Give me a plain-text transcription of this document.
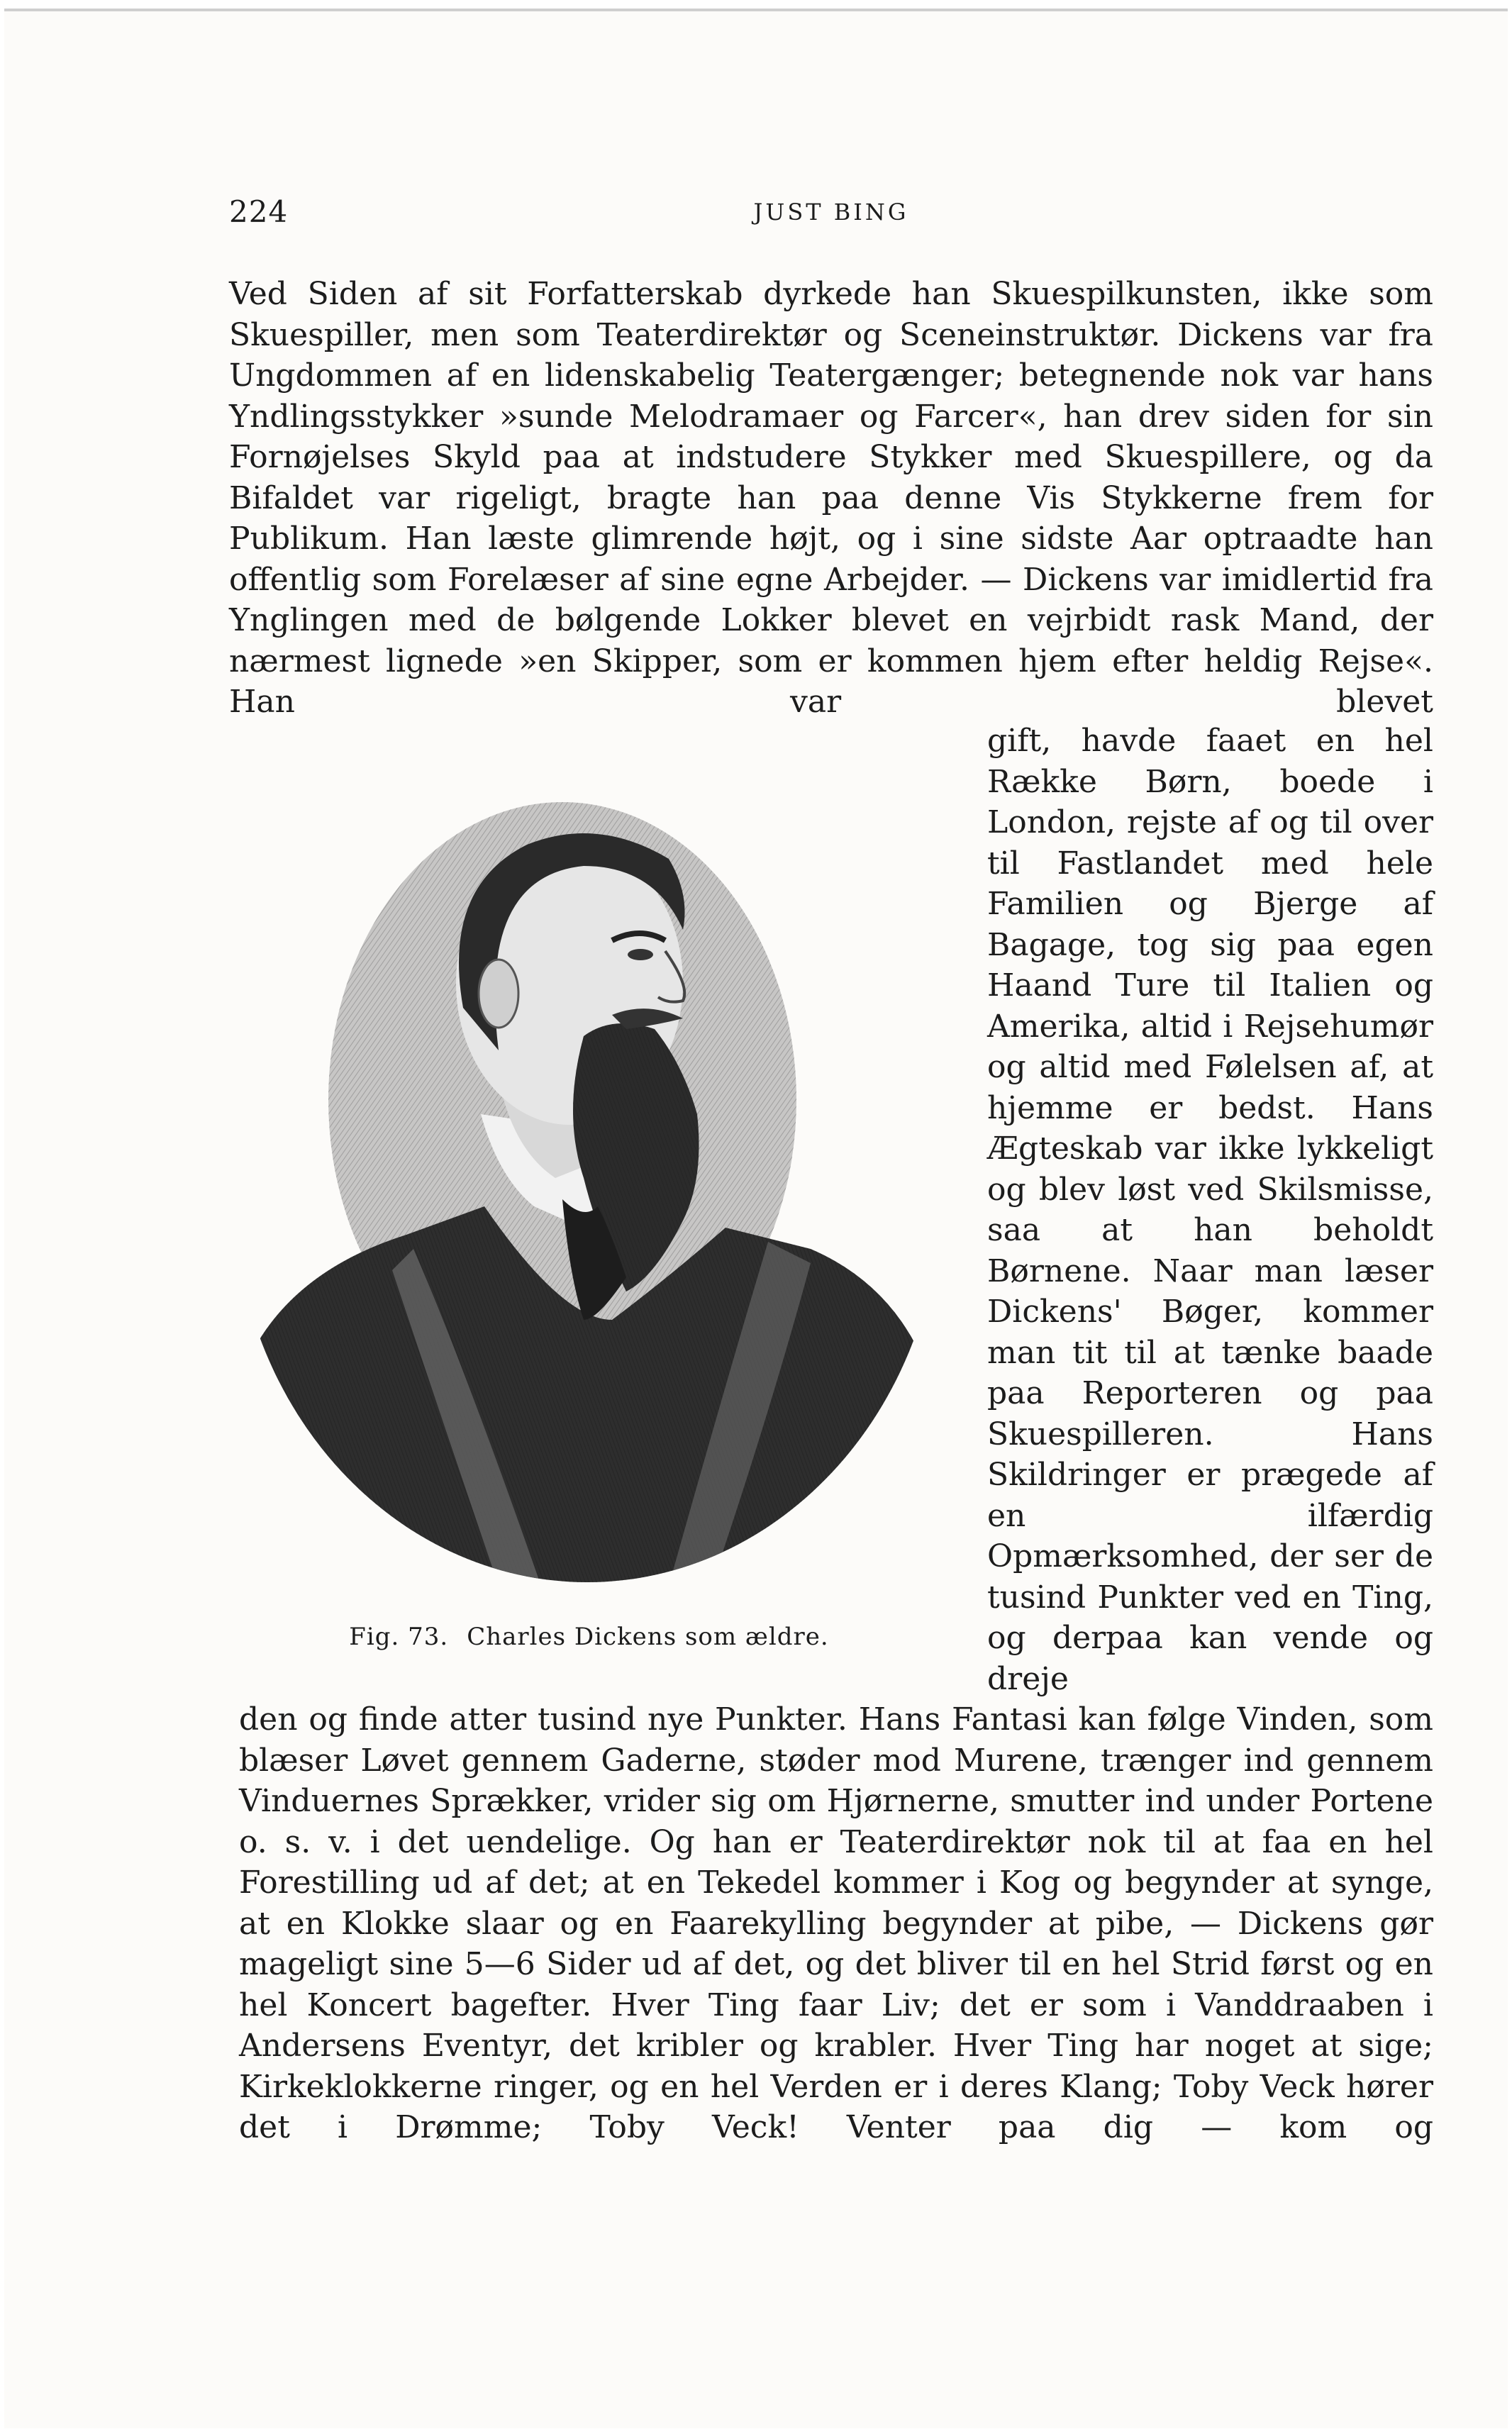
224	JUST BING

Ved Siden af sit Forfatterskab dyrkede han Skuespilkunsten, ikke som Skuespiller, men som Teaterdirektør og Sceneinstruktør. Dickens var fra Ungdommen af en lidenskabelig Teatergænger; betegnende nok var hans Yndlingsstykker »sunde Melodramaer og Farcer«, han drev siden for sin Fornøjelses Skyld paa at indstudere Stykker med Skuespillere, og da Bifaldet var rigeligt, bragte han paa denne Vis Stykkerne frem for Publikum. Han læste glimrende højt, og i sine sidste Aar optraadte han offentlig som Forelæser af sine egne Arbejder. — Dickens var imidlertid fra Ynglingen med de bølgende Lokker blevet en vejrbidt rask Mand, der nærmest lignede »en Skipper, som er kommen hjem efter heldig Rejse«. Han var blevet

Fig. 73. Charles Dickens som ældre.

gift, havde faaet en hel Række Børn, boede i London, rejste af og til over til Fastlandet med hele Familien og Bjerge af Bagage, tog sig paa egen Haand Ture til Italien og Amerika, altid i Rejsehumør og altid med Følelsen af, at hjemme er bedst. Hans Ægteskab var ikke lykkeligt og blev løst ved Skilsmisse, saa at han beholdt Børnene. Naar man læser Dickens' Bøger, kommer man tit til at tænke baade paa Reporteren og paa Skuespilleren. Hans Skildringer er prægede af en ilfærdig Opmærksomhed, der ser de tusind Punkter ved en Ting, og derpaa kan vende og dreje

den og finde atter tusind nye Punkter. Hans Fantasi kan følge Vinden, som blæser Løvet gennem Gaderne, støder mod Murene, trænger ind gennem Vinduernes Sprækker, vrider sig om Hjørnerne, smutter ind under Portene o. s. v. i det uendelige. Og han er Teaterdirektør nok til at faa en hel Forestilling ud af det; at en Tekedel kommer i Kog og begynder at synge, at en Klokke slaar og en Faarekylling begynder at pibe, — Dickens gør mageligt sine 5—6 Sider ud af det, og det bliver til en hel Strid først og en hel Koncert bagefter. Hver Ting faar Liv; det er som i Vanddraaben i Andersens Eventyr, det kribler og krabler. Hver Ting har noget at sige; Kirkeklokkerne ringer, og en hel Verden er i deres Klang; Toby Veck hører det i Drømme; Toby Veck! Venter paa dig — kom og
